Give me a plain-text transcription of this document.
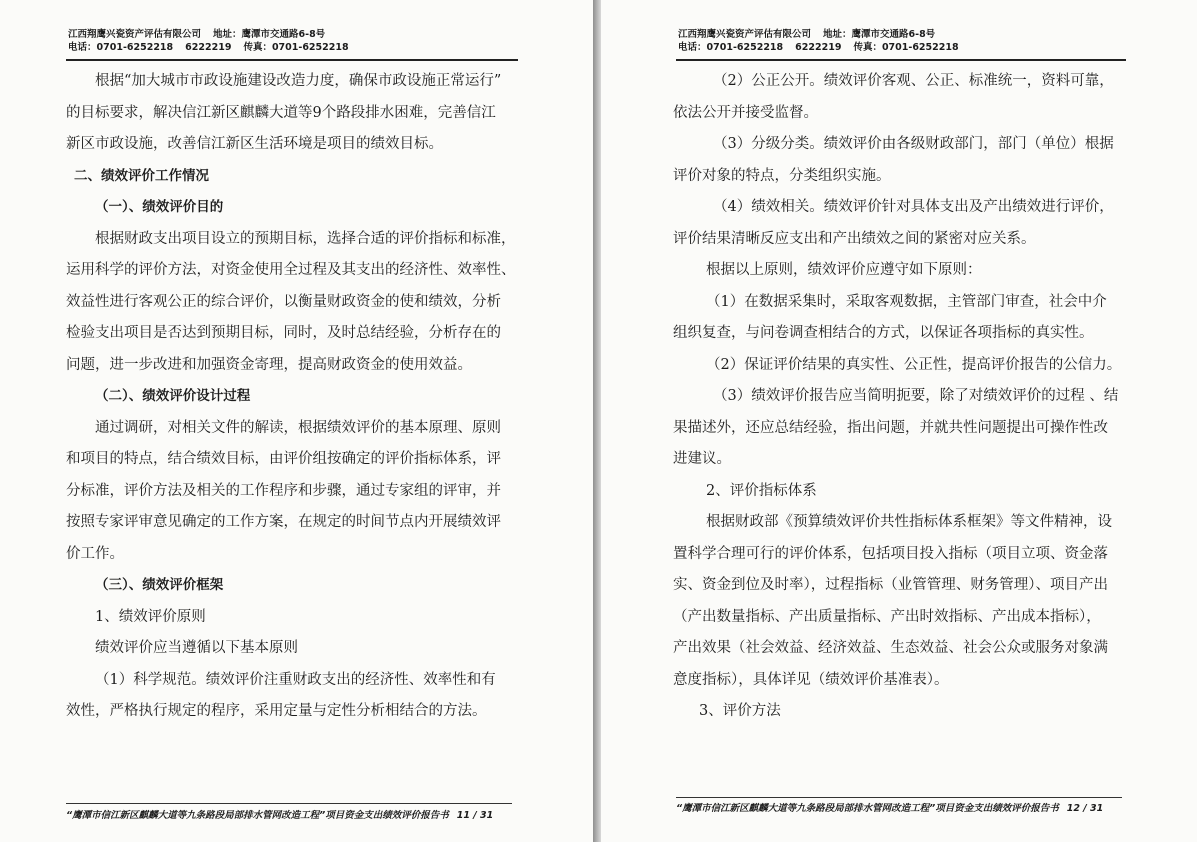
江西翔鹰兴瓷资产评估有限公司 地址：鹰潭市交通路6-8号
电话：0701-6252218 6222219 传真：0701-6252218

根据“加大城市市政设施建设改造力度，确保市政设施正常运行”

的目标要求，解决信江新区麒麟大道等9个路段排水困难，完善信江

新区市政设施，改善信江新区生活环境是项目的绩效目标。

二、绩效评价工作情况

（一）、绩效评价目的

根据财政支出项目设立的预期目标，选择合适的评价指标和标准，

运用科学的评价方法，对资金使用全过程及其支出的经济性、效率性、

效益性进行客观公正的综合评价，以衡量财政资金的使和绩效，分析

检验支出项目是否达到预期目标，同时，及时总结经验，分析存在的

问题，进一步改进和加强资金寄理，提高财政资金的使用效益。

（二）、绩效评价设计过程

通过调研，对相关文件的解读，根据绩效评价的基本原理、原则

和项目的特点，结合绩效目标，由评价组按确定的评价指标体系，评

分标准，评价方法及相关的工作程序和步骤，通过专家组的评审，并

按照专家评审意见确定的工作方案，在规定的时间节点内开展绩效评

价工作。

（三）、绩效评价框架

1、绩效评价原则

绩效评价应当遵循以下基本原则

（1）科学规范。绩效评价注重财政支出的经济性、效率性和有

效性，严格执行规定的程序，采用定量与定性分析相结合的方法。

“鹰潭市信江新区麒麟大道等九条路段局部排水管网改造工程”项目资金支出绩效评价报告书 11 / 31
江西翔鹰兴瓷资产评估有限公司 地址：鹰潭市交通路6-8号
电话：0701-6252218 6222219 传真：0701-6252218

（2）公正公开。绩效评价客观、公正、标准统一，资料可靠，

依法公开并接受监督。

（3）分级分类。绩效评价由各级财政部门，部门（单位）根据

评价对象的特点，分类组织实施。

（4）绩效相关。绩效评价针对具体支出及产出绩效进行评价，

评价结果清晰反应支出和产出绩效之间的紧密对应关系。

根据以上原则，绩效评价应遵守如下原则：

（1）在数据采集时，采取客观数据，主管部门审查，社会中介

组织复查，与问卷调查相结合的方式，以保证各项指标的真实性。

（2）保证评价结果的真实性、公正性，提高评价报告的公信力。

（3）绩效评价报告应当简明扼要，除了对绩效评价的过程 、结

果描述外，还应总结经验，指出问题，并就共性问题提出可操作性改

进建议。

2、评价指标体系

根据财政部《预算绩效评价共性指标体系框架》等文件精神，设

置科学合理可行的评价体系，包括项目投入指标（项目立项、资金落

实、资金到位及时率），过程指标（业管管理、财务管理）、项目产出

（产出数量指标、产出质量指标、产出时效指标、产出成本指标），

产出效果（社会效益、经济效益、生态效益、社会公众或服务对象满

意度指标），具体详见（绩效评价基准表）。

3、评价方法

“鹰潭市信江新区麒麟大道等九条路段局部排水管网改造工程”项目资金支出绩效评价报告书 12 / 31
